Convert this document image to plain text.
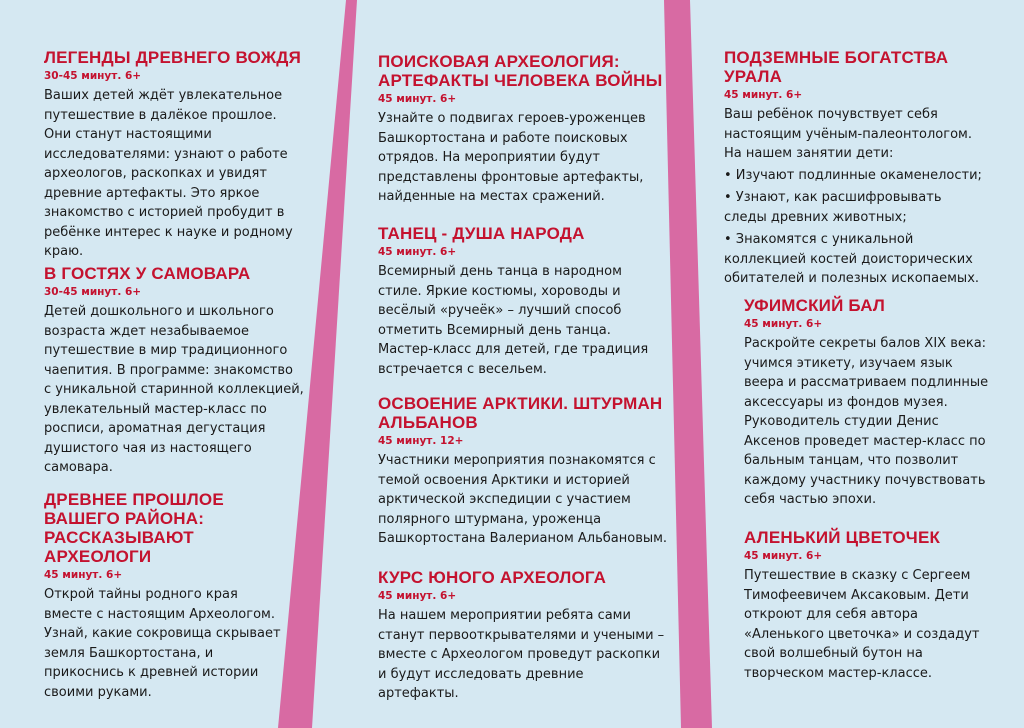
ЛЕГЕНДЫ ДРЕВНЕГО ВОЖДЯ
30-45 минут. 6+

Ваших детей ждёт увлекательное путешествие в далёкое прошлое. Они станут настоящими исследователями: узнают о работе археологов, раскопках и увидят древние артефакты. Это яркое знакомство с историей пробудит в ребёнке интерес к науке и родному краю.

В ГОСТЯХ У САМОВАРА
30-45 минут. 6+

Детей дошкольного и школьного возраста ждет незабываемое путешествие в мир традиционного чаепития. В программе: знакомство с уникальной старинной коллекцией, увлекательный мастер-класс по росписи, ароматная дегустация душистого чая из настоящего самовара.

ДРЕВНЕЕ ПРОШЛОЕ ВАШЕГО РАЙОНА: РАССКАЗЫВАЮТ АРХЕОЛОГИ
45 минут. 6+

Открой тайны родного края вместе с настоящим Археологом. Узнай, какие сокровища скрывает земля Башкортостана, и прикоснись к древней истории своими руками.

ПОИСКОВАЯ АРХЕОЛОГИЯ: АРТЕФАКТЫ ЧЕЛОВЕКА ВОЙНЫ
45 минут. 6+

Узнайте о подвигах героев-уроженцев Башкортостана и работе поисковых отрядов. На мероприятии будут представлены фронтовые артефакты, найденные на местах сражений.

ТАНЕЦ - ДУША НАРОДА
45 минут. 6+

Всемирный день танца в народном стиле. Яркие костюмы, хороводы и весёлый «ручеёк» – лучший способ отметить Всемирный день танца. Мастер-класс для детей, где традиция встречается с весельем.

ОСВОЕНИЕ АРКТИКИ. ШТУРМАН АЛЬБАНОВ
45 минут. 12+

Участники мероприятия познакомятся с темой освоения Арктики и историей арктической экспедиции с участием полярного штурмана, уроженца Башкортостана Валерианом Альбановым.

КУРС ЮНОГО АРХЕОЛОГА
45 минут. 6+

На нашем мероприятии ребята сами станут первооткрывателями и учеными – вместе с Археологом проведут раскопки и будут исследовать древние артефакты.

ПОДЗЕМНЫЕ БОГАТСТВА УРАЛА
45 минут. 6+

Ваш ребёнок почувствует себя настоящим учёным-палеонтологом. На нашем занятии дети:

• Изучают подлинные окаменелости;
• Узнают, как расшифровывать следы древних животных;
• Знакомятся с уникальной коллекцией костей доисторических обитателей и полезных ископаемых.
УФИМСКИЙ БАЛ
45 минут. 6+

Раскройте секреты балов XIX века: учимся этикету, изучаем язык веера и рассматриваем подлинные аксессуары из фондов музея. Руководитель студии Денис Аксенов проведет мастер-класс по бальным танцам, что позволит каждому участнику почувствовать себя частью эпохи.

АЛЕНЬКИЙ ЦВЕТОЧЕК
45 минут. 6+

Путешествие в сказку с Сергеем Тимофеевичем Аксаковым. Дети откроют для себя автора «Аленького цветочка» и создадут свой волшебный бутон на творческом мастер-классе.
